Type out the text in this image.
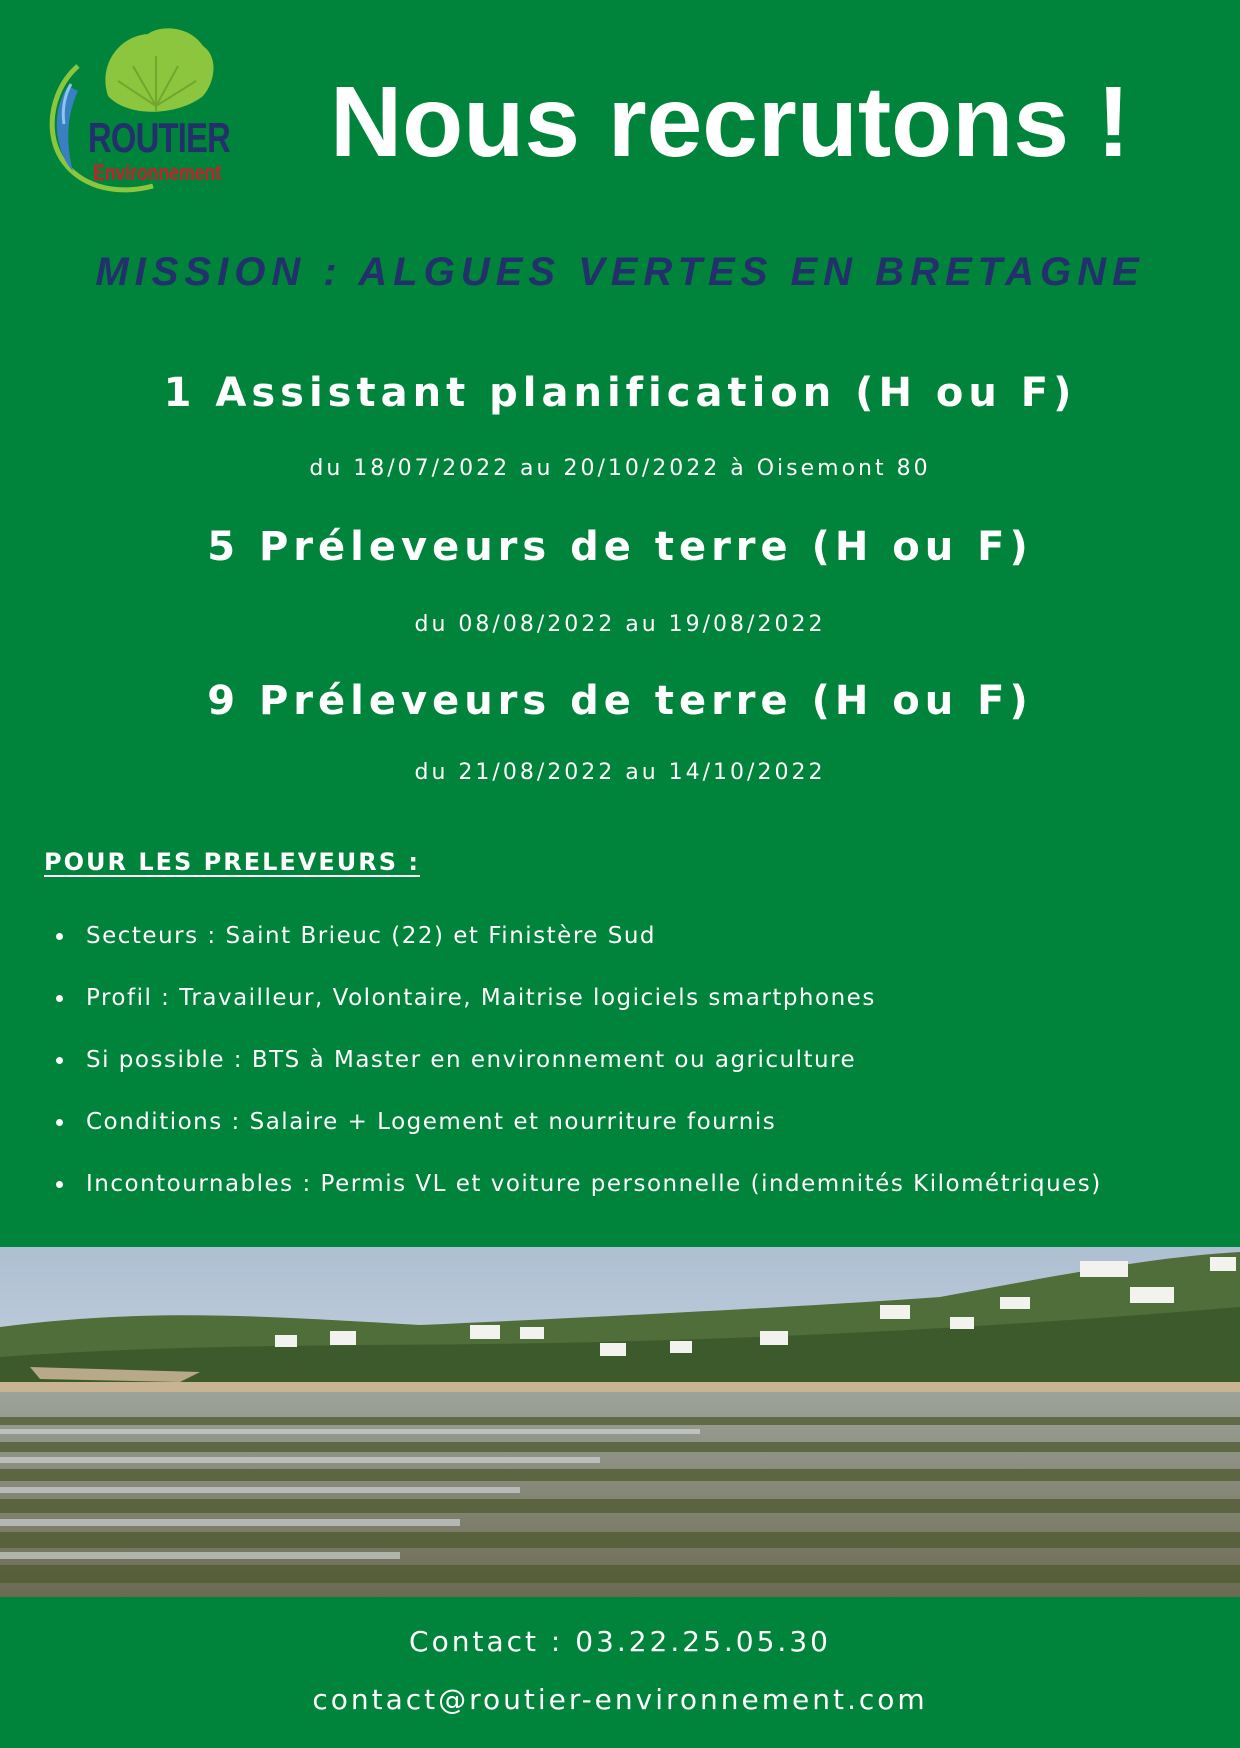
ROUTIER
Environnement Nous recrutons !
MISSION : ALGUES VERTES EN BRETAGNE
1 Assistant planification (H ou F)
du 18/07/2022 au 20/10/2022 à Oisemont 80
5 Préleveurs de terre (H ou F)
du 08/08/2022 au 19/08/2022
9 Préleveurs de terre (H ou F)
du 21/08/2022 au 14/10/2022
POUR LES PRELEVEURS :
Secteurs : Saint Brieuc (22) et Finistère Sud
Profil : Travailleur, Volontaire, Maitrise logiciels smartphones
Si possible : BTS à Master en environnement ou agriculture
Conditions : Salaire + Logement et nourriture fournis
Incontournables : Permis VL et voiture personnelle (indemnités Kilométriques)
Contact : 03.22.25.05.30
contact@routier-environnement.com
